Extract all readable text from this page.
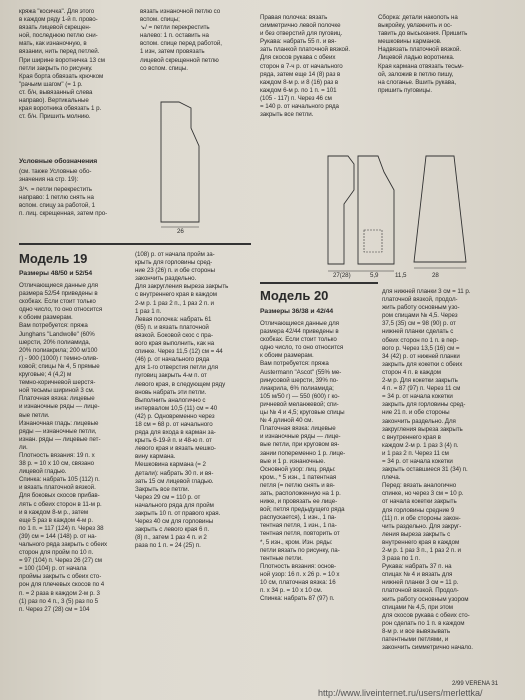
кряжа "косичка". Для этого
в каждом ряду 1-й п. прово-
вязать лицевой скрещен-
ной, последнюю петлю сни-
мать, как изнаночную, в
вязании, нить перед петлей.
При ширине воротничка 13 см
петли закрыть по рисунку.
Края борта обвязать крючком
"рачьим шагом" (= 1 р.
ст. б/н, вывязанный слева
направо). Вертикальные
края воротника обвязать 1 р.
ст. б/н. Пришить молнию.
Условные обозначения
(см. также Условные обо-
значения на стр. 19):
3/↖ = петли перекрестить
направо: 1 петлю снять на
вспом. спицу за работой, 1
п. лиц. скрещенная, затем про-
вязать изнаночной петлю со
вспом. спицы;
↘/ = петли перекрестить
налево: 1 п. оставить на
вспом. спице перед работой,
1 изн, затем провязать
лицевой скрещенной петлю
со вспом. спицы.
26
Правая полочка: вязать
симметрично левой полочке
и без отверстий для пуговиц.
Рукава: набрать 55 п. и вя-
зать планкой платочной вязкой.
Для скосов рукава с обеих
сторон в 7-ч р. от начального
ряда, затем еще 14 (8) раз в
каждом 8-м р. и 8 (16) раз в
каждом 6-м р. по 1 п. = 101
(105 - 117) п. Через 46 см
= 140 р. от начального ряда
закрыть все петли.
Сборка: детали наколоть на
выкройку, увлажнить и ос-
тавить до высыхания. Пришить
мешковины карманов.
Надвязать платочной вязкой.
Лицевой ладью воротника.
Края кармана отвязать тесьм-
ой, заложив в петлю пишу,
на слоганье. Вшить рукава,
пришить пуговицы.
27(28)	5,9	11,5	28
Модель 19
Размеры 48/50 и 52/54
Отличающиеся данные для
размера 52/54 приведены в
скобках. Если стоит только
одно число, то оно относится
к обоим размерам.
Вам потребуется: пряжа
Junghans "Landwolle" (60%
шерсти, 20% полиамида,
20% полиакрила; 200 м/100
г) - 900 (1000) г темно-олив-
ковой; спицы № 4, 5 прямые
круговые; 4 (4,2) м
темно-коричневой шерстя-
ной тесьмы шириной 3 см.
Платочная вязка: лицевые
и изнаночные ряды — лице-
вые петли.
Изнаночная гладь: лицевые
ряды — изнаночные петли,
изнан. ряды — лицевые пет-
ли.
Плотность вязания: 19 п. х
38 р. = 10 х 10 см, связано
лицевой гладью.
Спинка: набрать 105 (112) п.
и вязать платочной вязкой.
Для боковых скосов прибав-
лять с обеих сторон в 11-м р.
и в каждом 8-м р., затем
еще 5 раз в каждом 4-м р.
по 1 п. = 117 (124) п. Через 38
(39) см = 144 (148) р. от на-
чального ряда закрыть с обеих
сторон для пройм по 10 п.
= 97 (104) п. Через 26 (27) см
= 100 (104) р. от начала
проймы закрыть с обеих сто-
рон для плечевых скосов по 4
п. = 2 раза в каждом 2-м р. 3
(1) раз по 4 п., 3 (5) раз по 5
п. Через 27 (28) см = 104
(108) р. от начала пройм за-
крыть для горловины сред-
ние 23 (26) п. и обе стороны
закончить раздельно.
Для закругления выреза закрыть
с внутреннего края в каждом
2-м р. 1 раз 2 п., 1 раз 2 п. и
1 раз 1 п.
Левая полочка: набрать 61
(65) п. и вязать платочной
вязкой. Боковой скос с пра-
вого края выполнить, как на
спинке. Через 11,5 (12) см = 44
(46) р. от начального ряда
для 1-го отверстия петли для
пуговиц закрыть 4-м п. от
левого края, в следующем ряду
вновь набрать эти петли.
Выполнить аналогично с
интервалом 10,5 (11) см = 40
(42) р. Одновременно через
18 см = 68 р. от начального
ряда для входа в карман за-
крыть 6-19-й п. и 48-ю п. от
левого края и вязать мешко-
вину кармана.
Мешковина кармана (= 2
детали): набрать 30 п. и вя-
зать 15 см лицевой гладью.
Закрыть все петли.
Через 29 см = 110 р. от
начального ряда для пройм
закрыть 10 п. от правого края.
Через 40 см для горловины
закрыть с левого края 6 п.
(8) п., затем 1 раз 4 п. и 2
раза по 1 п. = 24 (25) п.
Модель 20
Размеры 36/38 и 42/44
Отличающиеся данные для
размера 42/44 приведены в
скобках. Если стоит только
одно число, то оно относится
к обоим размерам.
Вам потребуется: пряжа
Austermann "Ascot" (55% ме-
ринусовой шерсти, 39% по-
лиакрила, 6% полиамида;
105 м/50 г) — 550 (600) г ко-
ричневой меланжевой; спи-
цы № 4 и 4,5; круговые спицы
№ 4 длиной 40 см.
Платочная вязка: лицевые
и изнаночные ряды — лице-
вые петли, при круговом вя-
зании попеременно 1 р. лице-
вые и 1 р. изнаночные.
Основной узор: лиц. ряды:
кром., * 5 изн., 1 патентная
петля (= петлю снять и вя-
зать, расположенную на 1 р.
ниже, и провязать ее лице-
вой; петля предыдущего ряда
распускается), 1 изн., 1 па-
тентная петля, 1 изн., 1 па-
тентная петля, повторить от
*, 5 изн., кром. Изн. ряды:
петли вязать по рисунку, па-
тентные петли.
Плотность вязания: основ-
ной узор: 16 п. х 26 р. = 10 х
10 см, платочная вязка: 16
п. х 34 р. = 10 х 10 см.
Спинка: набрать 87 (97) п.
для нижней планки 3 см = 11 р.
платочной вязкой, продол-
жить работу основным узо-
ром спицами № 4,5. Через
37,5 (35) см = 98 (90) р. от
нижней планки сделать с
обеих сторон по 1 п. в пер-
вого р. Через 13,5 (16) см =
34 (42) р. от нижней планки
закрыть для кокетки с обеих
сторон 4 п. в каждом
2-м р. Для кокетки закрыть
4 п. = 87 (97) п. Через 11 см
= 34 р. от начала кокетки
закрыть для горловины сред-
ние 21 п. и обе стороны
закончить раздельно. Для
закругления выреза закрыть
с внутреннего края в
каждом 2-м р. 1 раз 3 (4) п.
и 1 раз 2 п. Через 11 см
= 34 р. от начала кокетки
закрыть оставшиеся 31 (34) п.
плеча.
Перед: вязать аналогично
спинке, но через 3 см = 10 р.
от начала кокетки закрыть
для горловины средние 9
(11) п. и обе стороны закон-
чить раздельно. Для закруг-
ления выреза закрыть с
внутреннего края в каждом
2-м р. 1 раз 3 п., 1 раз 2 п. и
3 раза по 1 п.
Рукава: набрать 37 п. на
спицах № 4 и вязать для
нижней планки 3 см = 11 р.
платочной вязкой. Продол-
жить работу основным узором
спицами № 4,5, при этом
для скосов рукава с обеих сто-
рон сделать по 1 п. в каждом
8-м р. и все вывязывать
патентными петлями, и
закончить симметрично начало.
2/99 VERENA 31
http://www.liveinternet.ru/users/merlettka/
